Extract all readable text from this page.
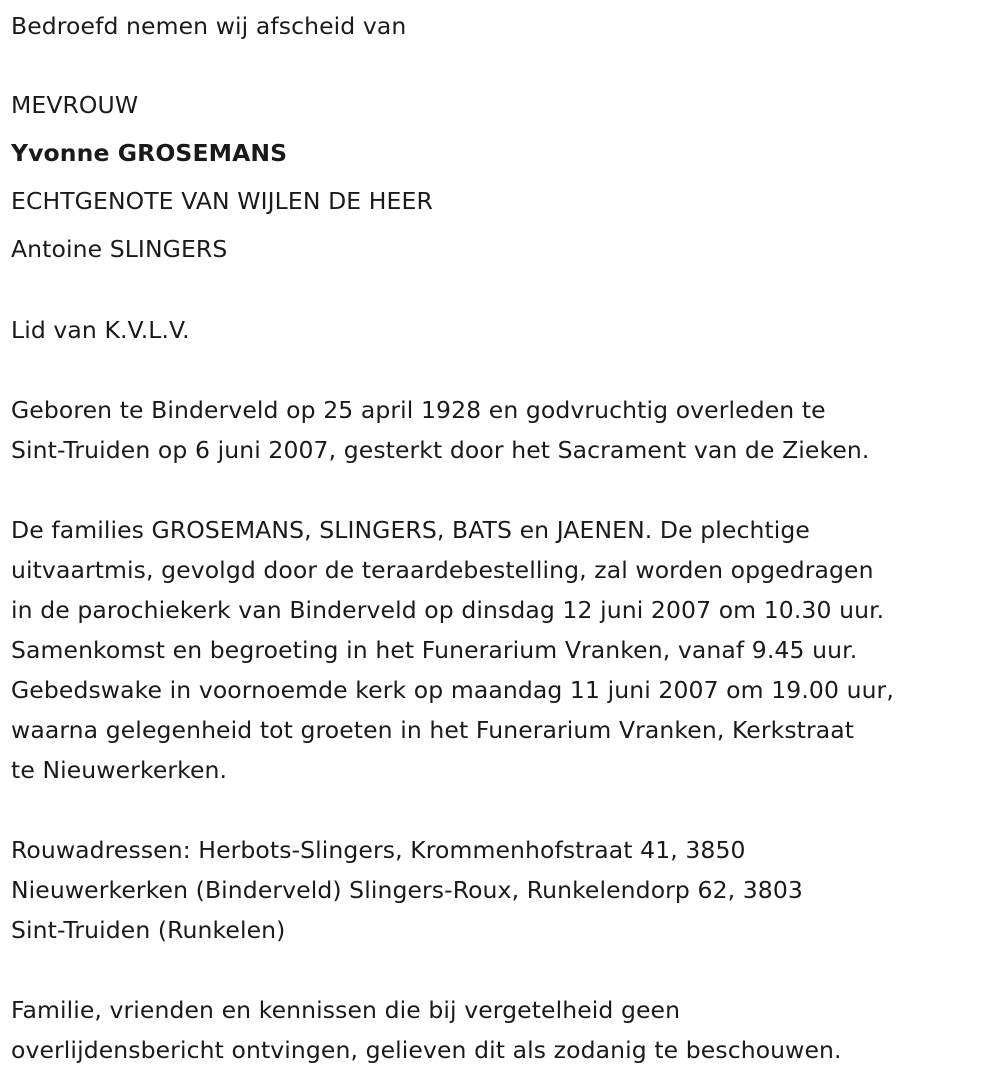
Bedroefd nemen wij afscheid van
MEVROUW
Yvonne GROSEMANS
ECHTGENOTE VAN WIJLEN DE HEER
Antoine SLINGERS
Lid van K.V.L.V.
Geboren te Binderveld op 25 april 1928 en godvruchtig overleden te
Sint-Truiden op 6 juni 2007, gesterkt door het Sacrament van de Zieken.
De families GROSEMANS, SLINGERS, BATS en JAENEN. De plechtige
uitvaartmis, gevolgd door de teraardebestelling, zal worden opgedragen
in de parochiekerk van Binderveld op dinsdag 12 juni 2007 om 10.30 uur.
Samenkomst en begroeting in het Funerarium Vranken, vanaf 9.45 uur.
Gebedswake in voornoemde kerk op maandag 11 juni 2007 om 19.00 uur,
waarna gelegenheid tot groeten in het Funerarium Vranken, Kerkstraat
te Nieuwerkerken.
Rouwadressen: Herbots-Slingers, Krommenhofstraat 41, 3850
Nieuwerkerken (Binderveld) Slingers-Roux, Runkelendorp 62, 3803
Sint-Truiden (Runkelen)
Familie, vrienden en kennissen die bij vergetelheid geen
overlijdensbericht ontvingen, gelieven dit als zodanig te beschouwen.
